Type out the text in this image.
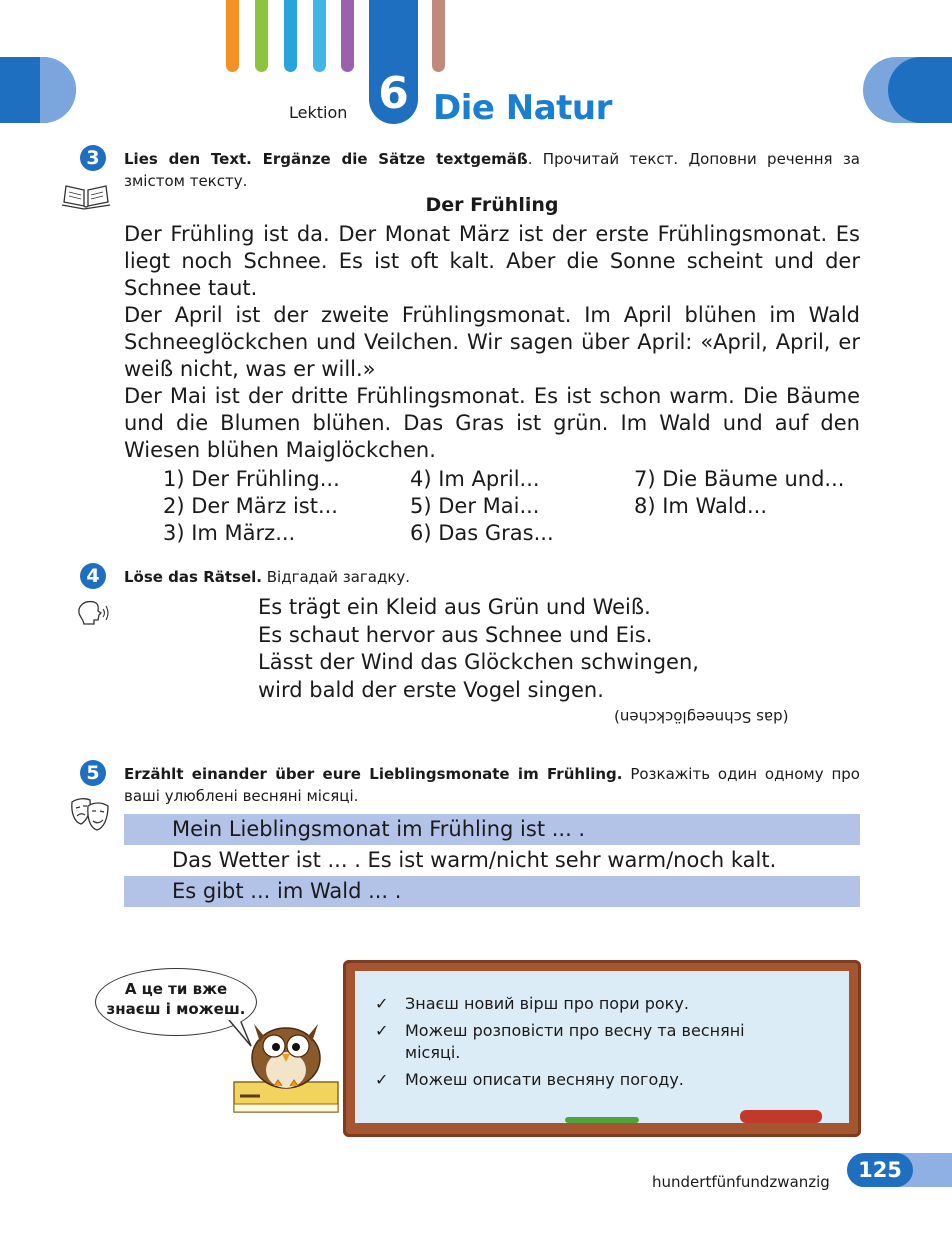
6
Lektion	Die Natur
3	Lies den Text. Ergänze die Sätze textgemäß. Прочитай текст. Доповни речення за змістом тексту.
Der Frühling

Der Frühling ist da. Der Monat März ist der erste Frühlingsmonat. Es liegt noch Schnee. Es ist oft kalt. Aber die Sonne scheint und der Schnee taut.

Der April ist der zweite Frühlingsmonat. Im April blühen im Wald Schneeglöckchen und Veilchen. Wir sagen über April: «April, April, er weiß nicht, was er will.»

Der Mai ist der dritte Frühlingsmonat. Es ist schon warm. Die Bäume und die Blumen blühen. Das Gras ist grün. Im Wald und auf den Wiesen blühen Maiglöckchen.

1) Der Frühling...
2) Der März ist...
3) Im März...
4) Im April...
5) Der Mai...
6) Das Gras...
7) Die Bäume und...
8) Im Wald...
4	Löse das Rätsel. Відгадай загадку.
Es trägt ein Kleid aus Grün und Weiß.
Es schaut hervor aus Schnee und Eis.
Lässt der Wind das Glöckchen schwingen,
wird bald der erste Vogel singen.
(das Schneeglöckchen)
5	Erzählt einander über eure Lieblingsmonate im Frühling. Розкажіть один одному про ваші улюблені весняні місяці.
Mein Lieblingsmonat im Frühling ist ... .
Das Wetter ist ... . Es ist warm/nicht sehr warm/noch kalt.
Es gibt ... im Wald ... .
А це ти вже
знаєш і можеш.	✓ Знаєш новий вірш про пори року.
✓ Можеш розповісти про весну та весняні місяці.
✓ Можеш описати весняну погоду.
hundertfünfundzwanzig	125
